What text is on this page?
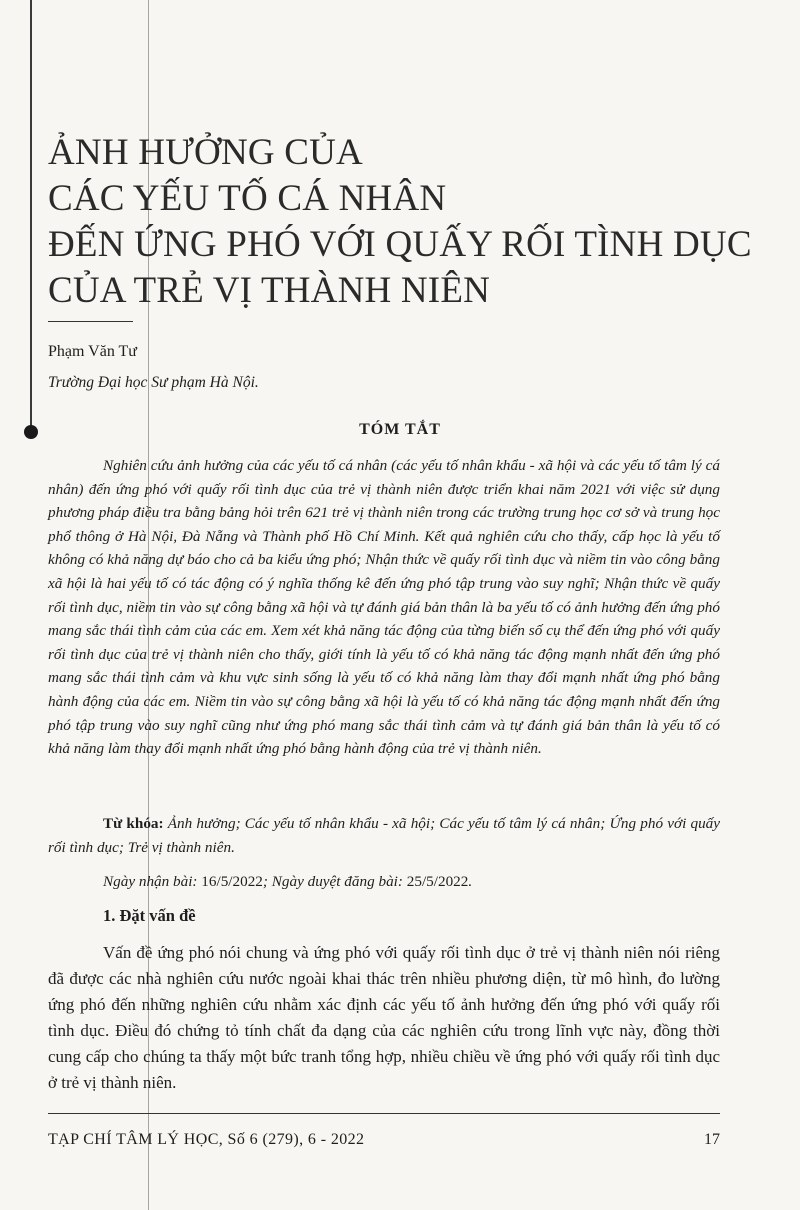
ẢNH HƯỞNG CỦA
CÁC YẾU TỐ CÁ NHÂN
ĐẾN ỨNG PHÓ VỚI QUẤY RỐI TÌNH DỤC
CỦA TRẺ VỊ THÀNH NIÊN
Phạm Văn Tư
Trường Đại học Sư phạm Hà Nội.
TÓM TẮT

Nghiên cứu ảnh hưởng của các yếu tố cá nhân (các yếu tố nhân khẩu - xã hội và các yếu tố tâm lý cá nhân) đến ứng phó với quấy rối tình dục của trẻ vị thành niên được triển khai năm 2021 với việc sử dụng phương pháp điều tra bằng bảng hỏi trên 621 trẻ vị thành niên trong các trường trung học cơ sở và trung học phổ thông ở Hà Nội, Đà Nẵng và Thành phố Hồ Chí Minh. Kết quả nghiên cứu cho thấy, cấp học là yếu tố không có khả năng dự báo cho cả ba kiểu ứng phó; Nhận thức về quấy rối tình dục và niềm tin vào công bằng xã hội là hai yếu tố có tác động có ý nghĩa thống kê đến ứng phó tập trung vào suy nghĩ; Nhận thức về quấy rối tình dục, niềm tin vào sự công bằng xã hội và tự đánh giá bản thân là ba yếu tố có ảnh hưởng đến ứng phó mang sắc thái tình cảm của các em. Xem xét khả năng tác động của từng biến số cụ thể đến ứng phó với quấy rối tình dục của trẻ vị thành niên cho thấy, giới tính là yếu tố có khả năng tác động mạnh nhất đến ứng phó mang sắc thái tình cảm và khu vực sinh sống là yếu tố có khả năng làm thay đổi mạnh nhất ứng phó bằng hành động của các em. Niềm tin vào sự công bằng xã hội là yếu tố có khả năng tác động mạnh nhất đến ứng phó tập trung vào suy nghĩ cũng như ứng phó mang sắc thái tình cảm và tự đánh giá bản thân là yếu tố có khả năng làm thay đổi mạnh nhất ứng phó bằng hành động của trẻ vị thành niên.

Từ khóa: Ảnh hưởng; Các yếu tố nhân khẩu - xã hội; Các yếu tố tâm lý cá nhân; Ứng phó với quấy rối tình dục; Trẻ vị thành niên.

Ngày nhận bài: 16/5/2022; Ngày duyệt đăng bài: 25/5/2022.
1. Đặt vấn đề

Vấn đề ứng phó nói chung và ứng phó với quấy rối tình dục ở trẻ vị thành niên nói riêng đã được các nhà nghiên cứu nước ngoài khai thác trên nhiều phương diện, từ mô hình, đo lường ứng phó đến những nghiên cứu nhằm xác định các yếu tố ảnh hưởng đến ứng phó với quấy rối tình dục. Điều đó chứng tỏ tính chất đa dạng của các nghiên cứu trong lĩnh vực này, đồng thời cung cấp cho chúng ta thấy một bức tranh tổng hợp, nhiều chiều về ứng phó với quấy rối tình dục ở trẻ vị thành niên.

TẠP CHÍ TÂM LÝ HỌC, Số 6 (279), 6 - 2022	17
